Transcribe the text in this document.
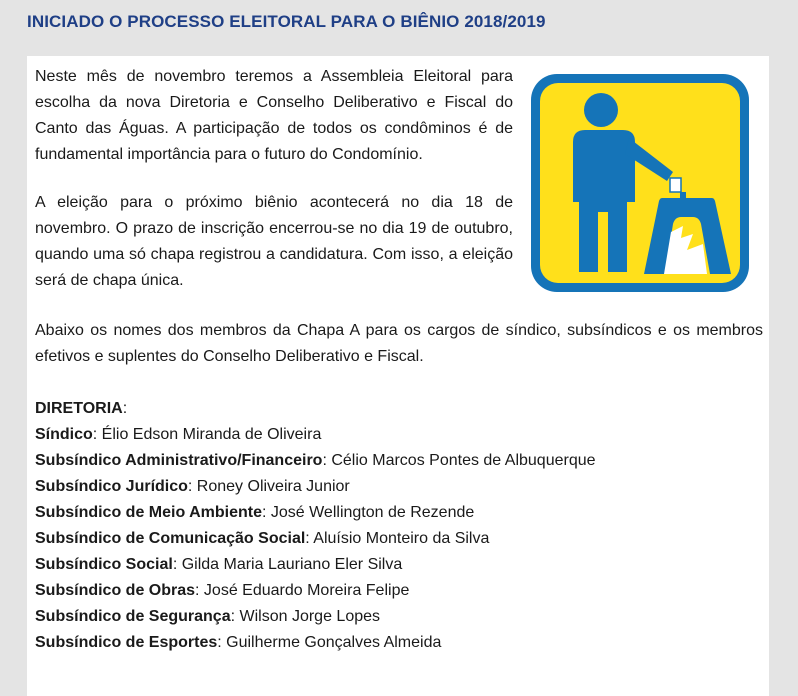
INICIADO O PROCESSO ELEITORAL PARA O BIÊNIO 2018/2019

Neste mês de novembro teremos a Assembleia Eleitoral para escolha da nova Diretoria e Conselho Deliberativo e Fiscal do Canto das Águas. A participação de todos os condôminos é de fundamental importância para o futuro do Condomínio.

A eleição para o próximo biênio acontecerá no dia 18 de novembro. O prazo de inscrição encerrou-se no dia 19 de outubro, quando uma só chapa registrou a candidatura. Com isso, a eleição será de chapa única.

Abaixo os nomes dos membros da Chapa A para os cargos de síndico, subsíndicos e os membros efetivos e suplentes do Conselho Deliberativo e Fiscal.

DIRETORIA:
Síndico: Élio Edson Miranda de Oliveira
Subsíndico Administrativo/Financeiro: Célio Marcos Pontes de Albuquerque
Subsíndico Jurídico: Roney Oliveira Junior
Subsíndico de Meio Ambiente: José Wellington de Rezende
Subsíndico de Comunicação Social: Aluísio Monteiro da Silva
Subsíndico Social: Gilda Maria Lauriano Eler Silva
Subsíndico de Obras: José Eduardo Moreira Felipe
Subsíndico de Segurança: Wilson Jorge Lopes
Subsíndico de Esportes: Guilherme Gonçalves Almeida
